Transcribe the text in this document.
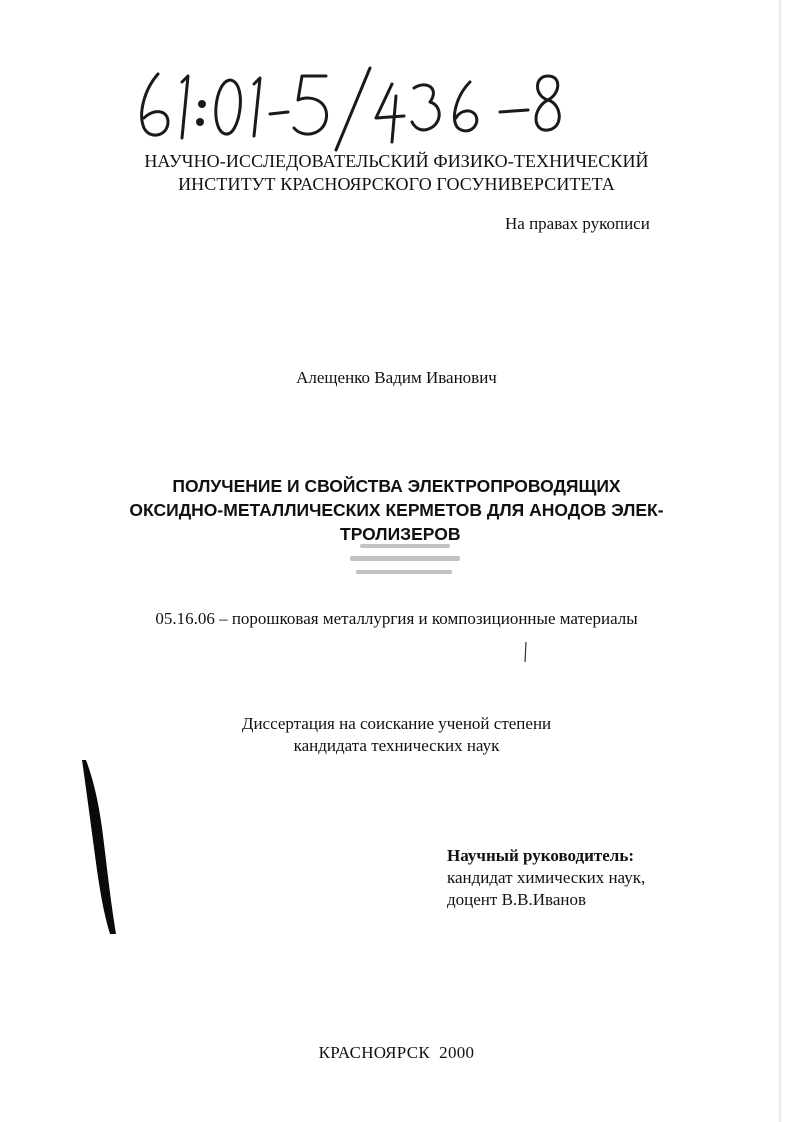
НАУЧНО-ИССЛЕДОВАТЕЛЬСКИЙ ФИЗИКО-ТЕХНИЧЕСКИЙ
ИНСТИТУТ КРАСНОЯРСКОГО ГОСУНИВЕРСИТЕТА
На правах рукописи
Алещенко Вадим Иванович
ПОЛУЧЕНИЕ И СВОЙСТВА ЭЛЕКТРОПРОВОДЯЩИХ
ОКСИДНО-МЕТАЛЛИЧЕСКИХ КЕРМЕТОВ ДЛЯ АНОДОВ ЭЛЕК-
ТРОЛИЗЕРОВ
05.16.06 – порошковая металлургия и композиционные материалы
Диссертация на соискание ученой степени
кандидата технических наук
Научный руководитель:
кандидат химических наук,
доцент В.В.Иванов
КРАСНОЯРСК  2000
